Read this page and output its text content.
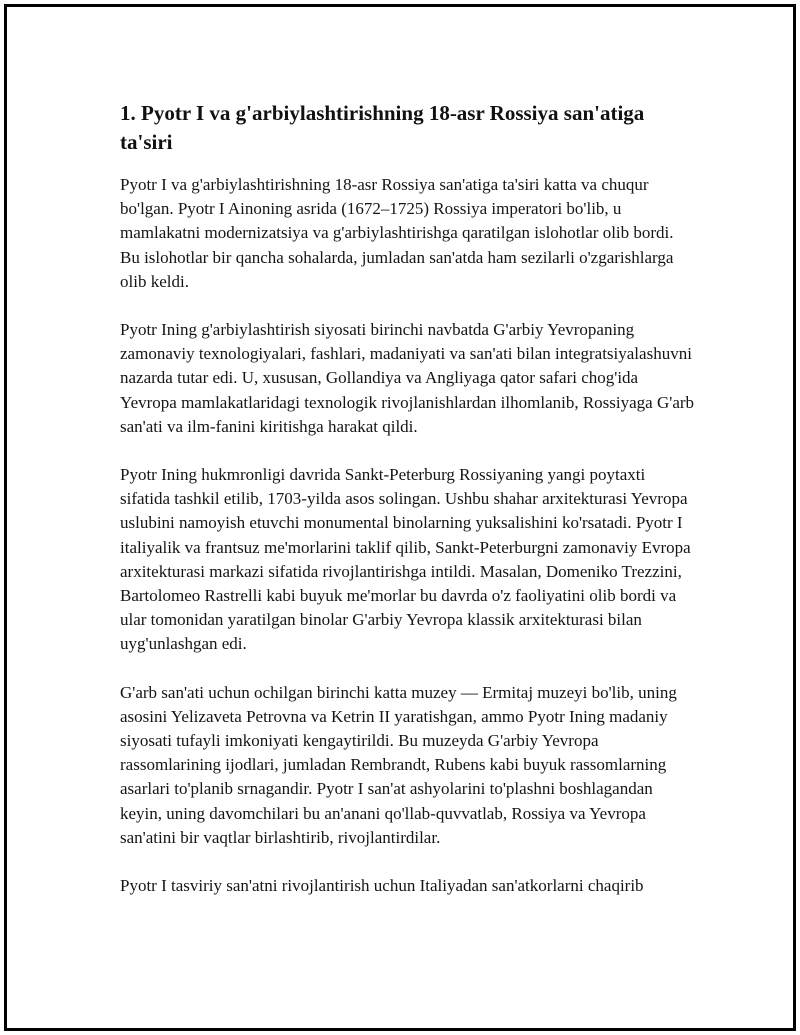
1. Pyotr I va g'arbiylashtirishning 18-asr Rossiya san'atiga ta'siri

Pyotr I va g'arbiylashtirishning 18-asr Rossiya san'atiga ta'siri katta va chuqur bo'lgan. Pyotr I Ainoning asrida (1672–1725) Rossiya imperatori bo'lib, u mamlakatni modernizatsiya va g'arbiylashtirishga qaratilgan islohotlar olib bordi. Bu islohotlar bir qancha sohalarda, jumladan san'atda ham sezilarli o'zgarishlarga olib keldi.

Pyotr Ining g'arbiylashtirish siyosati birinchi navbatda G'arbiy Yevropaning zamonaviy texnologiyalari, fashlari, madaniyati va san'ati bilan integratsiyalashuvni nazarda tutar edi. U, xususan, Gollandiya va Angliyaga qator safari chog'ida Yevropa mamlakatlaridagi texnologik rivojlanishlardan ilhomlanib, Rossiyaga G'arb san'ati va ilm-fanini kiritishga harakat qildi.

Pyotr Ining hukmronligi davrida Sankt-Peterburg Rossiyaning yangi poytaxti sifatida tashkil etilib, 1703-yilda asos solingan. Ushbu shahar arxitekturasi Yevropa uslubini namoyish etuvchi monumental binolarning yuksalishini ko'rsatadi. Pyotr I italiyalik va frantsuz me'morlarini taklif qilib, Sankt-Peterburgni zamonaviy Evropa arxitekturasi markazi sifatida rivojlantirishga intildi. Masalan, Domeniko Trezzini, Bartolomeo Rastrelli kabi buyuk me'morlar bu davrda o'z faoliyatini olib bordi va ular tomonidan yaratilgan binolar G'arbiy Yevropa klassik arxitekturasi bilan uyg'unlashgan edi.

G'arb san'ati uchun ochilgan birinchi katta muzey — Ermitaj muzeyi bo'lib, uning asosini Yelizaveta Petrovna va Ketrin II yaratishgan, ammo Pyotr Ining madaniy siyosati tufayli imkoniyati kengaytirildi. Bu muzeyda G'arbiy Yevropa rassomlarining ijodlari, jumladan Rembrandt, Rubens kabi buyuk rassomlarning asarlari to'planib srnagandir. Pyotr I san'at ashyolarini to'plashni boshlagandan keyin, uning davomchilari bu an'anani qo'llab-quvvatlab, Rossiya va Yevropa san'atini bir vaqtlar birlashtirib, rivojlantirdilar.

Pyotr I tasviriy san'atni rivojlantirish uchun Italiyadan san'atkorlarni chaqirib
